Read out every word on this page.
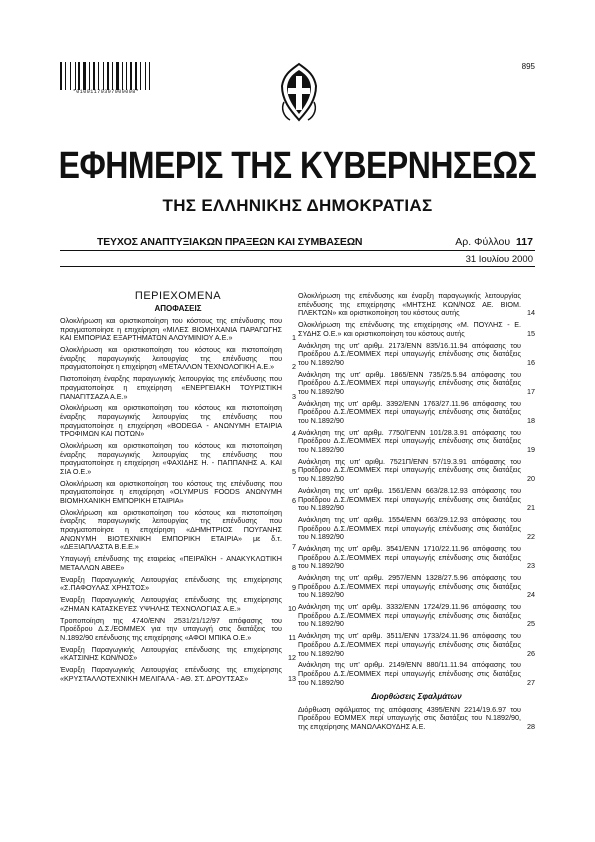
*01001170307000008*
895
ΕΦΗΜΕΡΙΣ ΤΗΣ ΚΥΒΕΡΝΗΣΕΩΣ
ΤΗΣ ΕΛΛΗΝΙΚΗΣ ΔΗΜΟΚΡΑΤΙΑΣ
ΤΕΥΧΟΣ ΑΝΑΠΤΥΞΙΑΚΩΝ ΠΡΑΞΕΩΝ ΚΑΙ ΣΥΜΒΑΣΕΩΝ	Αρ. Φύλλου 117
31 Ιουλίου 2000
ΠΕΡΙΕΧΟΜΕΝΑ
ΑΠΟΦΑΣΕΙΣ
Ολοκλήρωση και οριστικοποίηση του κόστους της επένδυσης που πραγματοποίησε η επιχείρηση «ΜΙΛΕΣ ΒΙΟΜΗΧΑΝΙΑ ΠΑΡΑΓΩΓΗΣ ΚΑΙ ΕΜΠΟΡΙΑΣ ΕΞΑΡΤΗΜΑΤΩΝ ΑΛΟΥΜΙΝΙΟΥ Α.Ε.»	1
Ολοκλήρωση και οριστικοποίηση του κόστους και πιστοποίηση έναρξης παραγωγικής λειτουργίας της επένδυσης που πραγματοποίησε η επιχείρηση «ΜΕΤΑΛΛΟΝ ΤΕΧΝΟΛΟΓΙΚΗ Α.Ε.»	2
Πιστοποίηση έναρξης παραγωγικής λειτουργίας της επένδυσης που πραγματοποίησε η επιχείρηση «ΕΝΕΡΓΕΙΑΚΗ ΤΟΥΡΙΣΤΙΚΗ ΠΑΝΑΓΙΤΣΑΖΑ Α.Ε.»	3
Ολοκλήρωση και οριστικοποίηση του κόστους και πιστοποίηση έναρξης παραγωγικής λειτουργίας της επένδυσης που πραγματοποίησε η επιχείρηση «BODEGA - ΑΝΩΝΥΜΗ ΕΤΑΙΡΙΑ ΤΡΟΦΙΜΩΝ ΚΑΙ ΠΟΤΩΝ»	4
Ολοκλήρωση και οριστικοποίηση του κόστους και πιστοποίηση έναρξης παραγωγικής λειτουργίας της επένδυσης που πραγματοποίησε η επιχείρηση «ΦΑΧΙΔΗΣ Η. - ΠΑΠΠΑΝΗΣ Α. ΚΑΙ ΣΙΑ Ο.Ε.»	5
Ολοκλήρωση και οριστικοποίηση του κόστους της επένδυσης που πραγματοποίησε η επιχείρηση «OLYMPUS FOODS ΑΝΩΝΥΜΗ ΒΙΟΜΗΧΑΝΙΚΗ ΕΜΠΟΡΙΚΗ ΕΤΑΙΡΙΑ»	6
Ολοκλήρωση και οριστικοποίηση του κόστους και πιστοποίηση έναρξης παραγωγικής λειτουργίας της επένδυσης που πραγματοποίησε η επιχείρηση «ΔΗΜΗΤΡΙΟΣ ΠΟΥΓΑΝΗΣ ΑΝΩΝΥΜΗ ΒΙΟΤΕΧΝΙΚΗ ΕΜΠΟΡΙΚΗ ΕΤΑΙΡΙΑ» με δ.τ. «ΔΕΞΙΑΠΛΑΣΤΑ Β.Ε.Ε.»	7
Υπαγωγή επένδυσης της εταιρείας «ΠΕΙΡΑΪΚΗ - ΑΝΑΚΥΚΛΩΤΙΚΗ ΜΕΤΑΛΛΩΝ ΑΒΕΕ»	8
Έναρξη Παραγωγικής Λειτουργίας επένδυσης της επιχείρησης «Σ.ΠΑΦΟΥΛΑΣ ΧΡΗΣΤΟΣ»	9
Έναρξη Παραγωγικής Λειτουργίας επένδυσης της επιχείρησης «ΖΗΜΑΝ ΚΑΤΑΣΚΕΥΕΣ ΥΨΗΛΗΣ ΤΕΧΝΟΛΟΓΙΑΣ Α.Ε.»	10
Τροποποίηση της 4740/ΕΝΝ 2531/21/12/97 απόφασης του Προέδρου Δ.Σ./ΕΟΜΜΕΧ για την υπαγωγή στις διατάξεις του Ν.1892/90 επένδυσης της επιχείρησης «ΑΦΟΙ ΜΠΙΚΑ Ο.Ε.»	11
Έναρξη Παραγωγικής Λειτουργίας επένδυσης της επιχείρησης «ΚΑΤΣΙΝΗΣ ΚΩΝ/ΝΟΣ»	12
Έναρξη Παραγωγικής Λειτουργίας επένδυσης της επιχείρησης «ΚΡΥΣΤΑΛΛΟΤΕΧΝΙΚΗ ΜΕΛΙΓΑΛΑ - ΑΘ. ΣΤ. ΔΡΟΥΤΣΑΣ»	13
Ολοκλήρωση της επένδυσης και έναρξη παραγωγικής λειτουργίας επένδυσης της επιχείρησης «ΜΗΤΣΗΣ ΚΩΝ/ΝΟΣ ΑΕ. ΒΙΟΜ. ΠΛΕΚΤΩΝ» και οριστικοποίηση του κόστους αυτής	14
Ολοκλήρωση της επένδυσης της επιχείρησης «Μ. ΠΟΥΛΗΣ - Ε. ΣΥΔΗΣ Ο.Ε.» και οριστικοποίηση του κόστους αυτής	15
Ανάκληση της υπ' αριθμ. 2173/ΕΝΝ 835/16.11.94 απόφασης του Προέδρου Δ.Σ./ΕΟΜΜΕΧ περί υπαγωγής επένδυσης στις διατάξεις του Ν.1892/90	16
Ανάκληση της υπ' αριθμ. 1865/ΕΝΝ 735/25.5.94 απόφασης του Προέδρου Δ.Σ./ΕΟΜΜΕΧ περί υπαγωγής επένδυσης στις διατάξεις του Ν.1892/90	17
Ανάκληση της υπ' αριθμ. 3392/ΕΝΝ 1763/27.11.96 απόφασης του Προέδρου Δ.Σ./ΕΟΜΜΕΧ περί υπαγωγής επένδυσης στις διατάξεις του Ν.1892/90	18
Ανάκληση της υπ' αριθμ. 7750/ΓΕΝΝ 101/28.3.91 απόφασης του Προέδρου Δ.Σ./ΕΟΜΜΕΧ περί υπαγωγής επένδυσης στις διατάξεις του Ν.1892/90	19
Ανάκληση της υπ' αριθμ. 7521Π/ΕΝΝ 57/19.3.91 απόφασης του Προέδρου Δ.Σ./ΕΟΜΜΕΧ περί υπαγωγής επένδυσης στις διατάξεις του Ν.1892/90	20
Ανάκληση της υπ' αριθμ. 1561/ΕΝΝ 663/28.12.93 απόφασης του Προέδρου Δ.Σ./ΕΟΜΜΕΧ περί υπαγωγής επένδυσης στις διατάξεις του Ν.1892/90	21
Ανάκληση της υπ' αριθμ. 1554/ΕΝΝ 663/29.12.93 απόφασης του Προέδρου Δ.Σ./ΕΟΜΜΕΧ περί υπαγωγής επένδυσης στις διατάξεις του Ν.1892/90	22
Ανάκληση της υπ' αριθμ. 3541/ΕΝΝ 1710/22.11.96 απόφασης του Προέδρου Δ.Σ./ΕΟΜΜΕΧ περί υπαγωγής επένδυσης στις διατάξεις του Ν.1892/90	23
Ανάκληση της υπ' αριθμ. 2957/ΕΝΝ 1328/27.5.96 απόφασης του Προέδρου Δ.Σ./ΕΟΜΜΕΧ περί υπαγωγής επένδυσης στις διατάξεις του Ν.1892/90	24
Ανάκληση της υπ' αριθμ. 3332/ΕΝΝ 1724/29.11.96 απόφασης του Προέδρου Δ.Σ./ΕΟΜΜΕΧ περί υπαγωγής επένδυσης στις διατάξεις του Ν.1892/90	25
Ανάκληση της υπ' αριθμ. 3511/ΕΝΝ 1733/24.11.96 απόφασης του Προέδρου Δ.Σ./ΕΟΜΜΕΧ περί υπαγωγής επένδυσης στις διατάξεις του Ν.1892/90	26
Ανάκληση της υπ' αριθμ. 2149/ΕΝΝ 880/11.11.94 απόφασης του Προέδρου Δ.Σ./ΕΟΜΜΕΧ περί υπαγωγής επένδυσης στις διατάξεις του Ν.1892/90	27
Διορθώσεις Σφαλμάτων
Διόρθωση σφάλματος της απόφασης 4395/ΕΝΝ 2214/19.6.97 του Προέδρου ΕΟΜΜΕΧ περί υπαγωγής στις διατάξεις του Ν.1892/90, της επιχείρησης ΜΑΝΩΛΑΚΟΥΔΗΣ Α.Ε.	28
